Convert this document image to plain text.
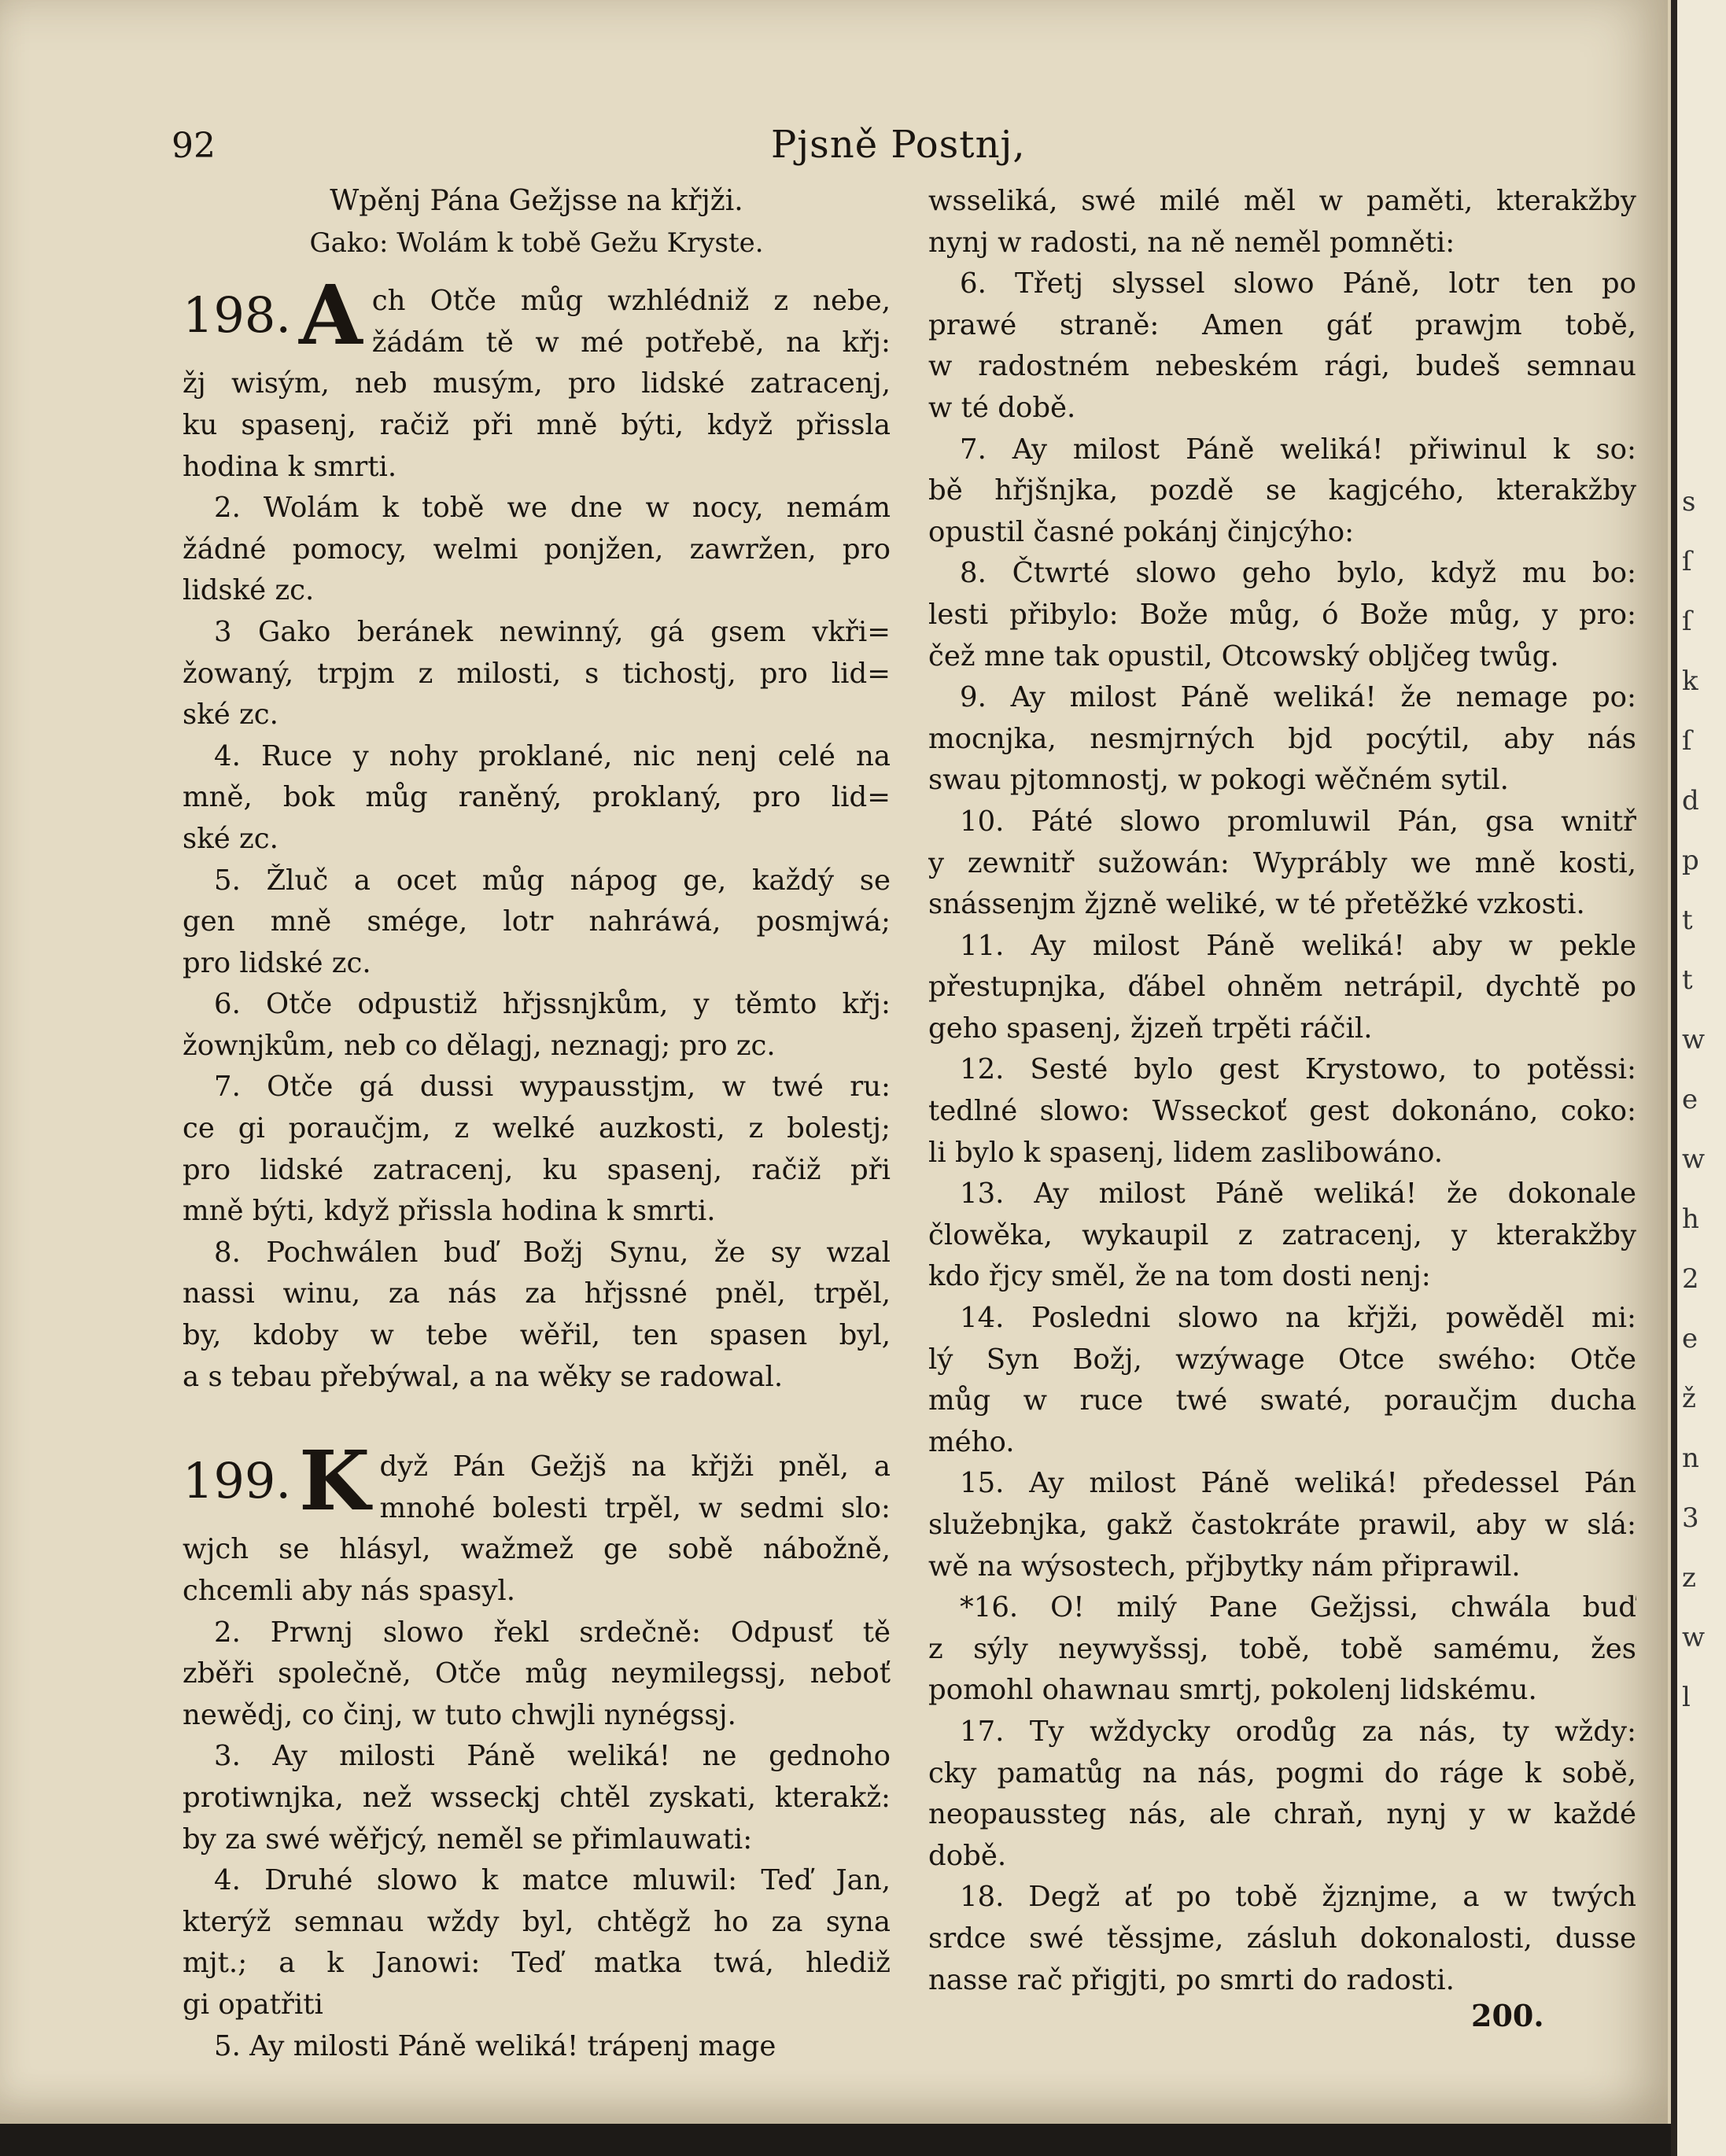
92	Pjsně Postnj,
Wpěnj Pána Gežjsse na křjži.
Gako: Wolám k tobě Gežu Kryste.
198. A ch Otče můg wzhlédniž z nebe,
žádám tě w mé potřebě, na křj:
žj wisým, neb musým, pro lidské zatracenj,
ku spasenj, račiž při mně býti, když přissla
hodina k smrti.
2. Wolám k tobě we dne w nocy, nemám
žádné pomocy, welmi ponjžen, zawržen, pro
lidské zc.
3 Gako beránek newinný, gá gsem vkři=
žowaný, trpjm z milosti, s tichostj, pro lid=
ské zc.
4. Ruce y nohy proklané, nic nenj celé na
mně, bok můg raněný, proklaný, pro lid=
ské zc.
5. Žluč a ocet můg nápog ge, každý se
gen mně smége, lotr nahráwá, posmjwá;
pro lidské zc.
6. Otče odpustiž hřjssnjkům, y těmto křj:
žownjkům, neb co dělagj, neznagj; pro zc.
7. Otče gá dussi wypausstjm, w twé ru:
ce gi poraučjm, z welké auzkosti, z bolestj;
pro lidské zatracenj, ku spasenj, račiž při
mně býti, když přissla hodina k smrti.
8. Pochwálen buď Božj Synu, že sy wzal
nassi winu, za nás za hřjssné pněl, trpěl,
by, kdoby w tebe wěřil, ten spasen byl,
a s tebau přebýwal, a na wěky se radowal.
199. K dyž Pán Gežjš na křjži pněl, a
mnohé bolesti trpěl, w sedmi slo:
wjch se hlásyl, wažmež ge sobě nábožně,
chcemli aby nás spasyl.
2. Prwnj slowo řekl srdečně: Odpusť tě
zběři společně, Otče můg neymilegssj, neboť
newědj, co činj, w tuto chwjli nynégssj.
3. Ay milosti Páně weliká! ne gednoho
protiwnjka, než wsseckj chtěl zyskati, kterakž:
by za swé wěřjcý, neměl se přimlauwati:
4. Druhé slowo k matce mluwil: Teď Jan,
kterýž semnau wždy byl, chtěgž ho za syna
mjt.; a k Janowi: Teď matka twá, hlediž
gi opatřiti
5. Ay milosti Páně weliká! trápenj mage
wsseliká, swé milé měl w paměti, kterakžby
nynj w radosti, na ně neměl pomněti:
6. Třetj slyssel slowo Páně, lotr ten po
prawé straně: Amen gáť prawjm tobě,
w radostném nebeském rági, budeš semnau
w té době.
7. Ay milost Páně weliká! přiwinul k so:
bě hřjšnjka, pozdě se kagjcého, kterakžby
opustil časné pokánj činjcýho:
8. Čtwrté slowo geho bylo, když mu bo:
lesti přibylo: Bože můg, ó Bože můg, y pro:
čež mne tak opustil, Otcowský obljčeg twůg.
9. Ay milost Páně weliká! že nemage po:
mocnjka, nesmjrných bjd pocýtil, aby nás
swau pjtomnostj, w pokogi wěčném sytil.
10. Páté slowo promluwil Pán, gsa wnitř
y zewnitř sužowán: Wyprábly we mně kosti,
snássenjm žjzně weliké, w té přetěžké vzkosti.
11. Ay milost Páně weliká! aby w pekle
přestupnjka, ďábel ohněm netrápil, dychtě po
geho spasenj, žjzeň trpěti ráčil.
12. Sesté bylo gest Krystowo, to potěssi:
tedlné slowo: Wsseckoť gest dokonáno, coko:
li bylo k spasenj, lidem zaslibowáno.
13. Ay milost Páně weliká! že dokonale
člowěka, wykaupil z zatracenj, y kterakžby
kdo řjcy směl, že na tom dosti nenj:
14. Posledni slowo na křjži, powěděl mi:
lý Syn Božj, wzýwage Otce swého: Otče
můg w ruce twé swaté, poraučjm ducha
mého.
15. Ay milost Páně weliká! předessel Pán
služebnjka, gakž častokráte prawil, aby w slá:
wě na wýsostech, přjbytky nám připrawil.
*16. O! milý Pane Gežjssi, chwála buď
z sýly neywyšssj, tobě, tobě samému, žes
pomohl ohawnau smrtj, pokolenj lidskému.
17. Ty wždycky orodůg za nás, ty wždy:
cky pamatůg na nás, pogmi do ráge k sobě,
neopaussteg nás, ale chraň, nynj y w každé
době.
18. Degž ať po tobě žjznjme, a w twých
srdce swé těssjme, zásluh dokonalosti, dusse
nasse rač přigjti, po smrti do radosti.
200.
s
ſ
ſ
k
ſ
d
p
t
t
w
e
w
h
2
e
ž
n
3
z
w
l
